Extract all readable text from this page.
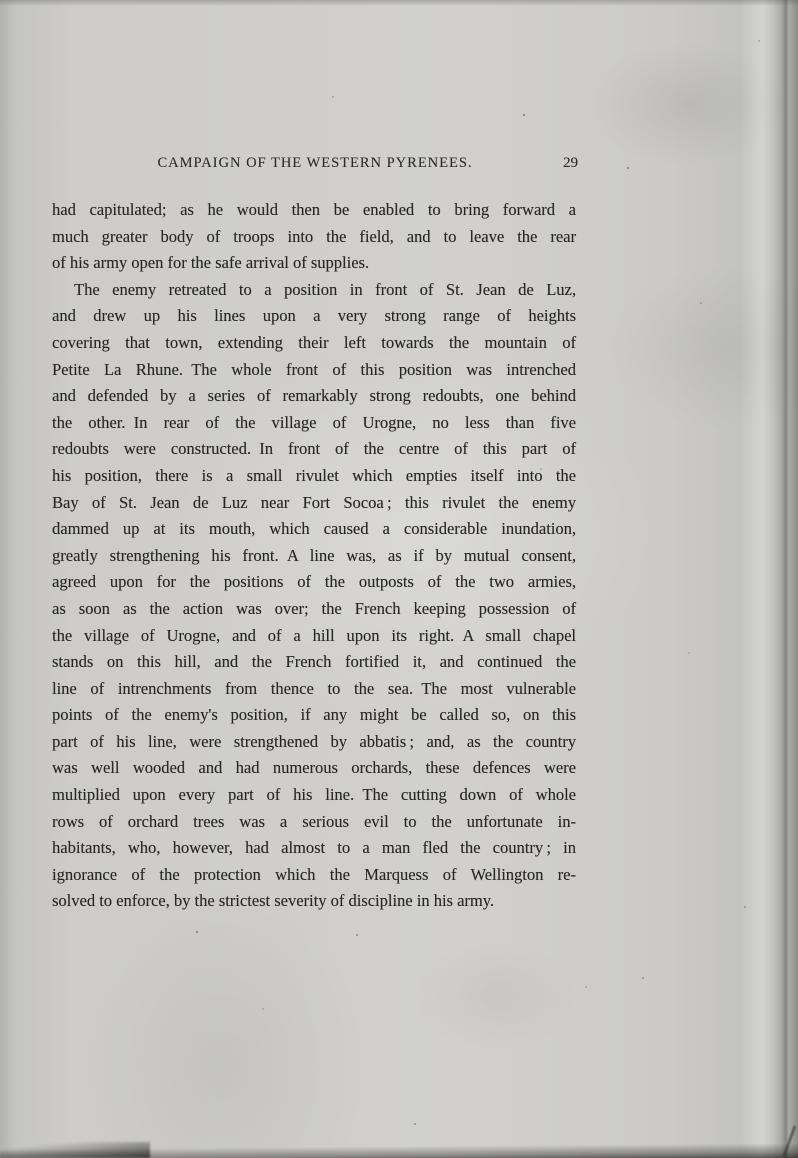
CAMPAIGN OF THE WESTERN PYRENEES.	29
had capitulated; as he would then be enabled to bring forward a
much greater body of troops into the field, and to leave the rear
of his army open for the safe arrival of supplies.
The enemy retreated to a position in front of St. Jean de Luz,
and drew up his lines upon a very strong range of heights
covering that town, extending their left towards the mountain of
Petite La Rhune. The whole front of this position was intrenched
and defended by a series of remarkably strong redoubts, one behind
the other. In rear of the village of Urogne, no less than five
redoubts were constructed. In front of the centre of this part of
his position, there is a small rivulet which empties itself into the
Bay of St. Jean de Luz near Fort Socoa ; this rivulet the enemy
dammed up at its mouth, which caused a considerable inundation,
greatly strengthening his front. A line was, as if by mutual consent,
agreed upon for the positions of the outposts of the two armies,
as soon as the action was over; the French keeping possession of
the village of Urogne, and of a hill upon its right. A small chapel
stands on this hill, and the French fortified it, and continued the
line of intrenchments from thence to the sea. The most vulnerable
points of the enemy's position, if any might be called so, on this
part of his line, were strengthened by abbatis ; and, as the country
was well wooded and had numerous orchards, these defences were
multiplied upon every part of his line. The cutting down of whole
rows of orchard trees was a serious evil to the unfortunate in-
habitants, who, however, had almost to a man fled the country ; in
ignorance of the protection which the Marquess of Wellington re-
solved to enforce, by the strictest severity of discipline in his army.
